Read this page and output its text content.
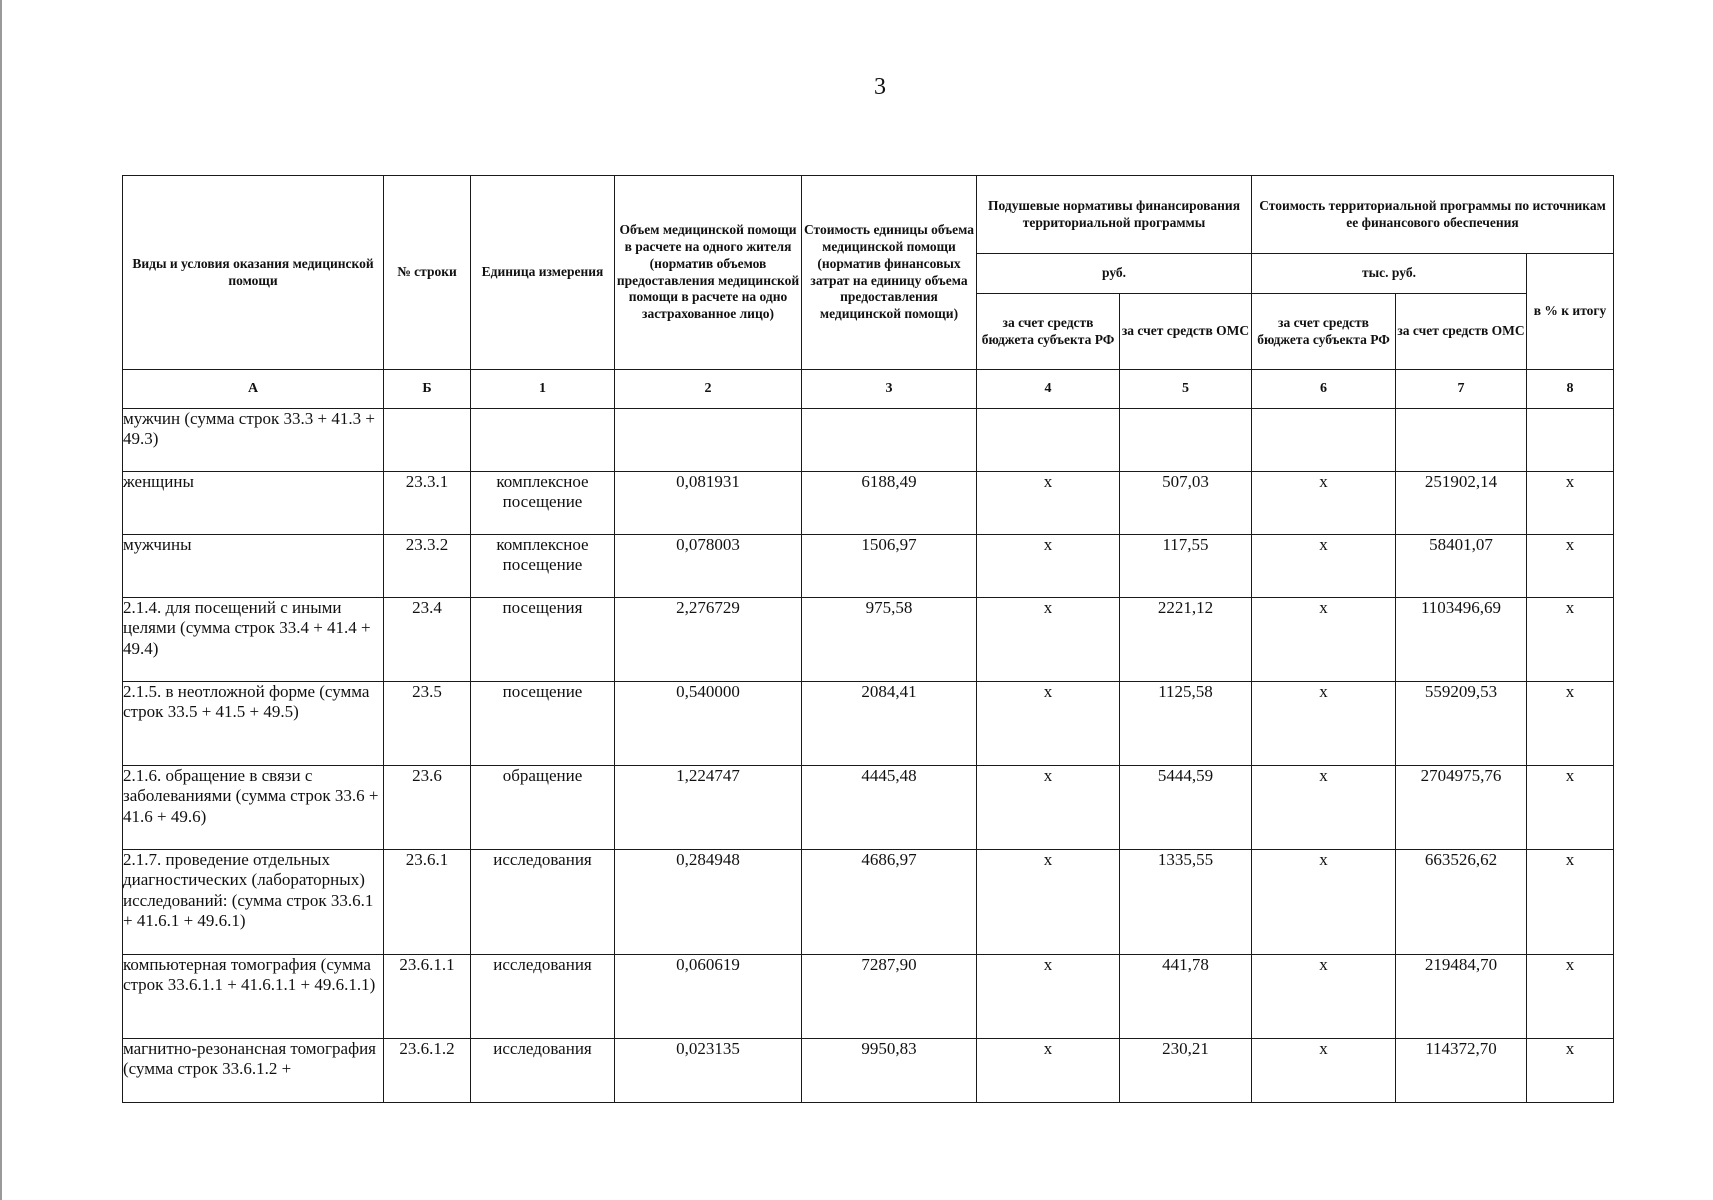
3
Виды и условия оказания медицинской помощи	№ строки	Единица измерения	Объем медицинской помощи в расчете на одного жителя (норматив объемов предоставления медицинской помощи в расчете на одно застрахованное лицо)	Стоимость единицы объема медицинской помощи (норматив финансовых затрат на единицу объема предоставления медицинской помощи)	Подушевые нормативы финансирования территориальной программы		Стоимость территориальной программы по источникам ее финансового обеспечения		
					руб.		тыс. руб.		в % к итогу
					за счет средств бюджета субъекта РФ	за счет средств ОМС	за счет средств бюджета субъекта РФ	за счет средств ОМС	
А	Б	1	2	3	4	5	6	7	8
мужчин (сумма строк 33.3 + 41.3 + 49.3)									
женщины	23.3.1	комплексное посещение	0,081931	6188,49	х	507,03	х	251902,14	х
мужчины	23.3.2	комплексное посещение	0,078003	1506,97	х	117,55	х	58401,07	х
2.1.4. для посещений с иными целями (сумма строк 33.4 + 41.4 + 49.4)	23.4	посещения	2,276729	975,58	х	2221,12	х	1103496,69	х
2.1.5. в неотложной форме (сумма строк 33.5 + 41.5 + 49.5)	23.5	посещение	0,540000	2084,41	х	1125,58	х	559209,53	х
2.1.6. обращение в связи с заболеваниями (сумма строк 33.6 + 41.6 + 49.6)	23.6	обращение	1,224747	4445,48	х	5444,59	х	2704975,76	х
2.1.7. проведение отдельных диагностических (лабораторных) исследований: (сумма строк 33.6.1 + 41.6.1 + 49.6.1)	23.6.1	исследования	0,284948	4686,97	х	1335,55	х	663526,62	х
компьютерная томография (сумма строк 33.6.1.1 + 41.6.1.1 + 49.6.1.1)	23.6.1.1	исследования	0,060619	7287,90	х	441,78	х	219484,70	х
магнитно-резонансная томография (сумма строк 33.6.1.2 +	23.6.1.2	исследования	0,023135	9950,83	х	230,21	х	114372,70	х
